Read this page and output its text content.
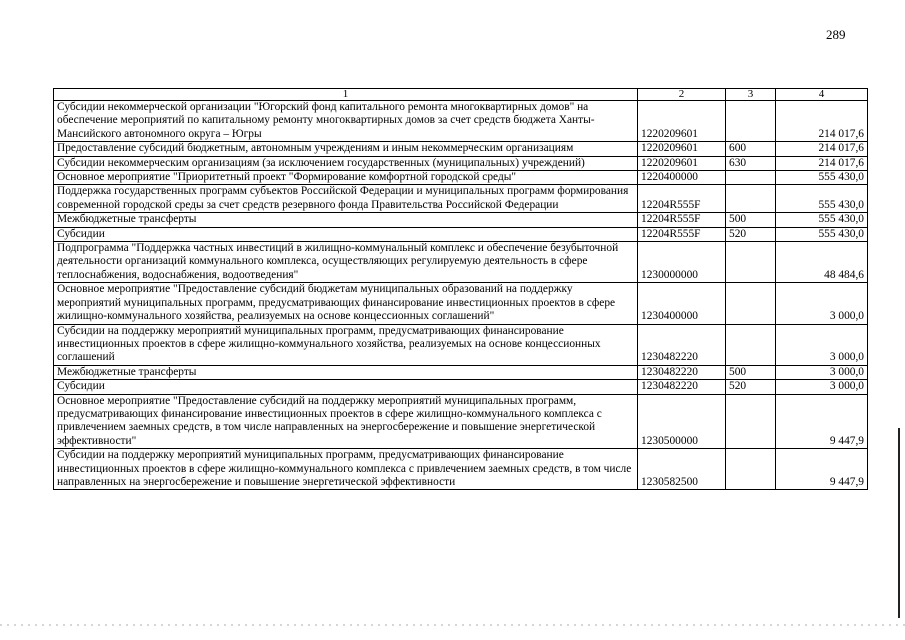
289
1	2	3	4
Субсидии некоммерческой организации "Югорский фонд капитального ремонта многоквартирных домов" на обеспечение мероприятий по капитальному ремонту многоквартирных домов за счет средств бюджета Ханты-Мансийского автономного округа – Югры	1220209601		214 017,6
Предоставление субсидий бюджетным, автономным учреждениям и иным некоммерческим организациям	1220209601	600	214 017,6
Субсидии некоммерческим организациям (за исключением государственных (муниципальных) учреждений)	1220209601	630	214 017,6
Основное мероприятие "Приоритетный проект "Формирование комфортной городской среды"	1220400000		555 430,0
Поддержка государственных программ субъектов Российской Федерации и муниципальных программ формирования современной городской среды за счет средств резервного фонда Правительства Российской Федерации	12204R555F		555 430,0
Межбюджетные трансферты	12204R555F	500	555 430,0
Субсидии	12204R555F	520	555 430,0
Подпрограмма "Поддержка частных инвестиций в жилищно-коммунальный комплекс и обеспечение безубыточной деятельности организаций коммунального комплекса, осуществляющих регулируемую деятельность в сфере теплоснабжения, водоснабжения, водоотведения"	1230000000		48 484,6
Основное мероприятие "Предоставление субсидий бюджетам муниципальных образований на поддержку мероприятий муниципальных программ, предусматривающих финансирование инвестиционных проектов в сфере жилищно-коммунального хозяйства, реализуемых на основе концессионных соглашений"	1230400000		3 000,0
Субсидии на поддержку мероприятий муниципальных программ, предусматривающих финансирование инвестиционных проектов в сфере жилищно-коммунального хозяйства, реализуемых на основе концессионных соглашений	1230482220		3 000,0
Межбюджетные трансферты	1230482220	500	3 000,0
Субсидии	1230482220	520	3 000,0
Основное мероприятие "Предоставление субсидий на поддержку мероприятий муниципальных программ, предусматривающих финансирование инвестиционных проектов в сфере жилищно-коммунального комплекса с привлечением заемных средств, в том числе направленных на энергосбережение и повышение энергетической эффективности"	1230500000		9 447,9
Субсидии на поддержку мероприятий муниципальных программ, предусматривающих финансирование инвестиционных проектов в сфере жилищно-коммунального комплекса с привлечением заемных средств, в том числе направленных на энергосбережение и повышение энергетической эффективности	1230582500		9 447,9
